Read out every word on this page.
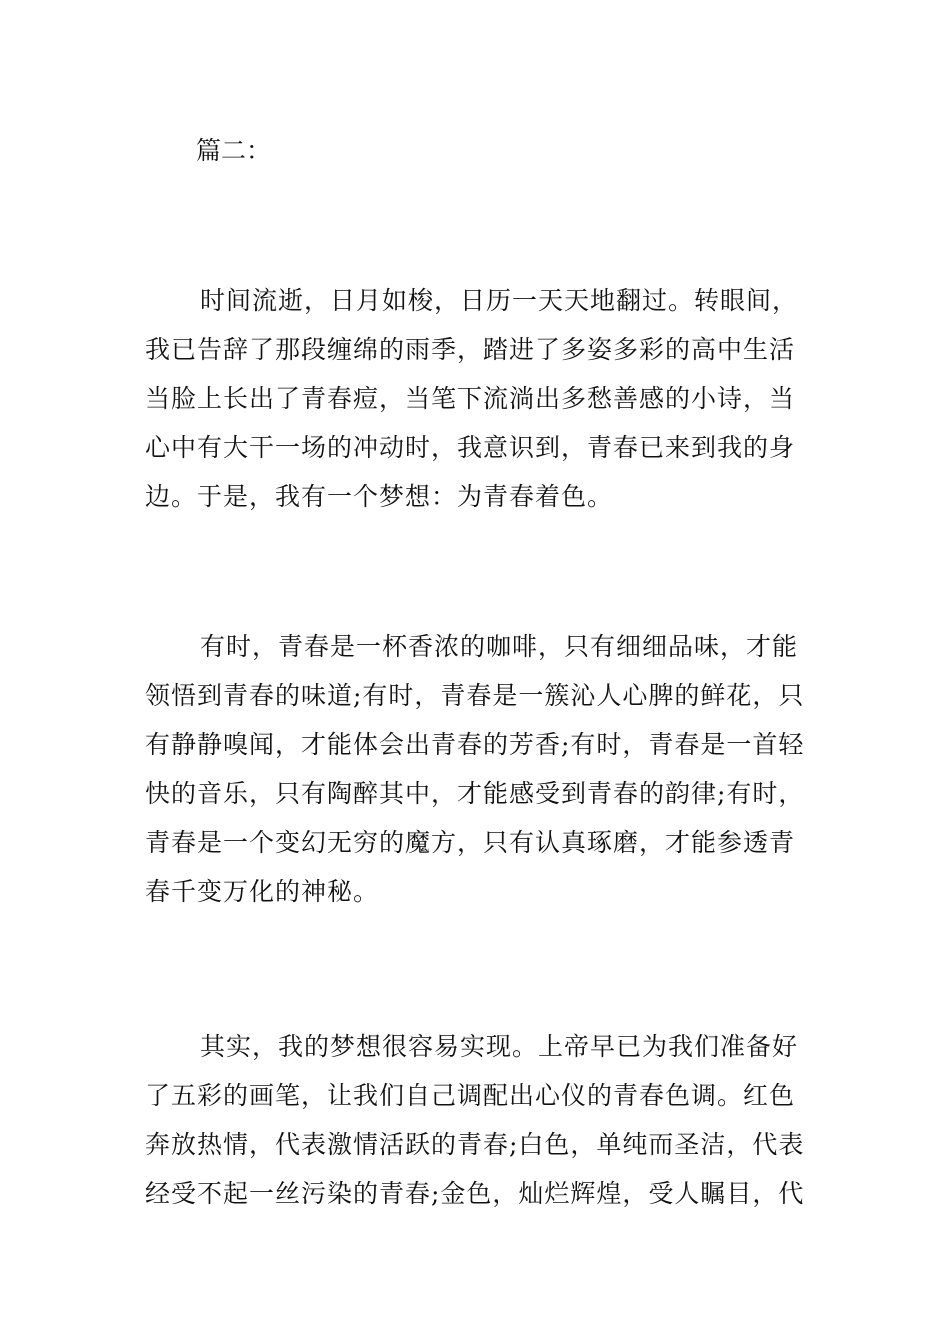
篇二：
时间流逝，日月如梭，日历一天天地翻过。转眼间，
我已告辞了那段缠绵的雨季，踏进了多姿多彩的高中生活
当脸上长出了青春痘，当笔下流淌出多愁善感的小诗，当
心中有大干一场的冲动时，我意识到，青春已来到我的身
边。于是，我有一个梦想：为青春着色。
有时，青春是一杯香浓的咖啡，只有细细品味，才能
领悟到青春的味道;有时，青春是一簇沁人心脾的鲜花，只
有静静嗅闻，才能体会出青春的芳香;有时，青春是一首轻
快的音乐，只有陶醉其中，才能感受到青春的韵律;有时，
青春是一个变幻无穷的魔方，只有认真琢磨，才能参透青
春千变万化的神秘。
其实，我的梦想很容易实现。上帝早已为我们准备好
了五彩的画笔，让我们自己调配出心仪的青春色调。红色
奔放热情，代表激情活跃的青春;白色，单纯而圣洁，代表
经受不起一丝污染的青春;金色，灿烂辉煌，受人瞩目，代
